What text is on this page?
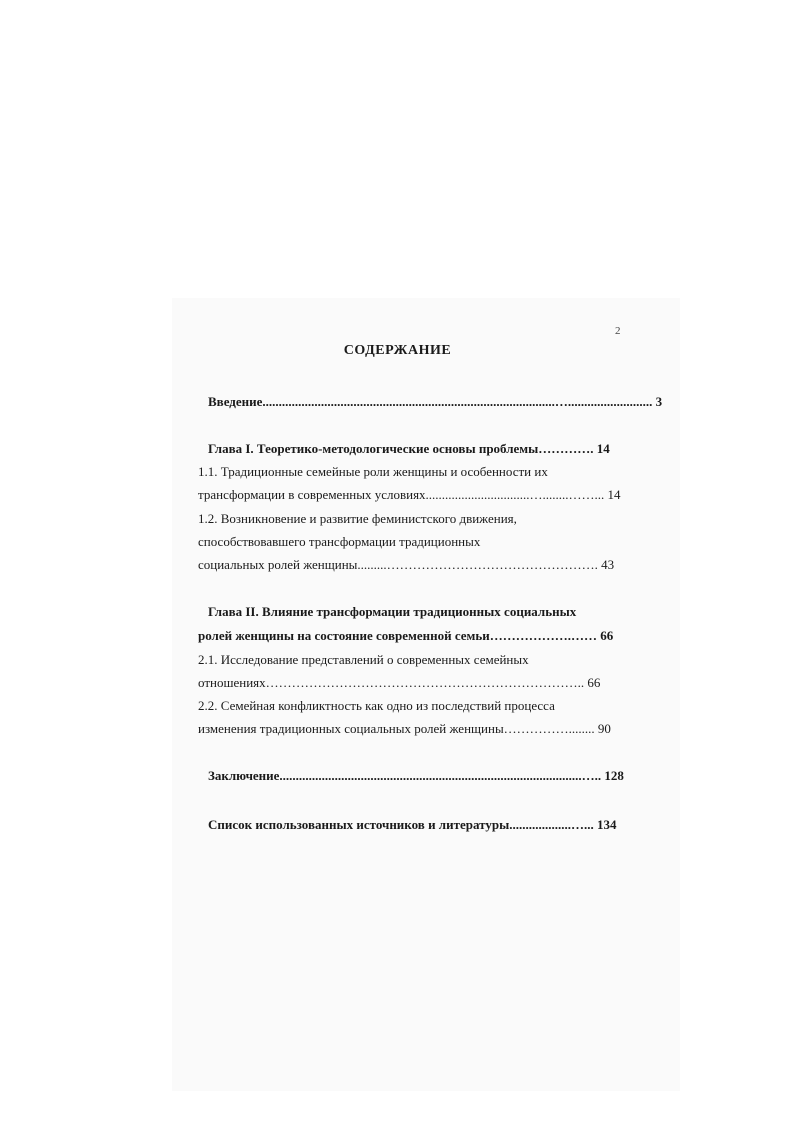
2
СОДЕРЖАНИЕ
Введение..........................................................................................….......................... 3
Глава I. Теоретико-методологические основы проблемы…………. 14
1.1. Традиционные семейные роли женщины и особенности их
трансформации в современных условиях................................…........……... 14
1.2. Возникновение и развитие феминистского движения,
способствовавшего трансформации традиционных
социальных ролей женщины.........…………………………………………. 43
Глава II. Влияние трансформации традиционных социальных
ролей женщины на состояние современной семьи……………….…… 66
2.1. Исследование представлений о современных семейных
отношениях……………………………………………………………….. 66
2.2. Семейная конфликтность как одно из последствий процесса
изменения традиционных социальных ролей женщины……………........ 90
Заключение.............................................................................................….. 128
Список использованных источников и литературы...................…... 134
